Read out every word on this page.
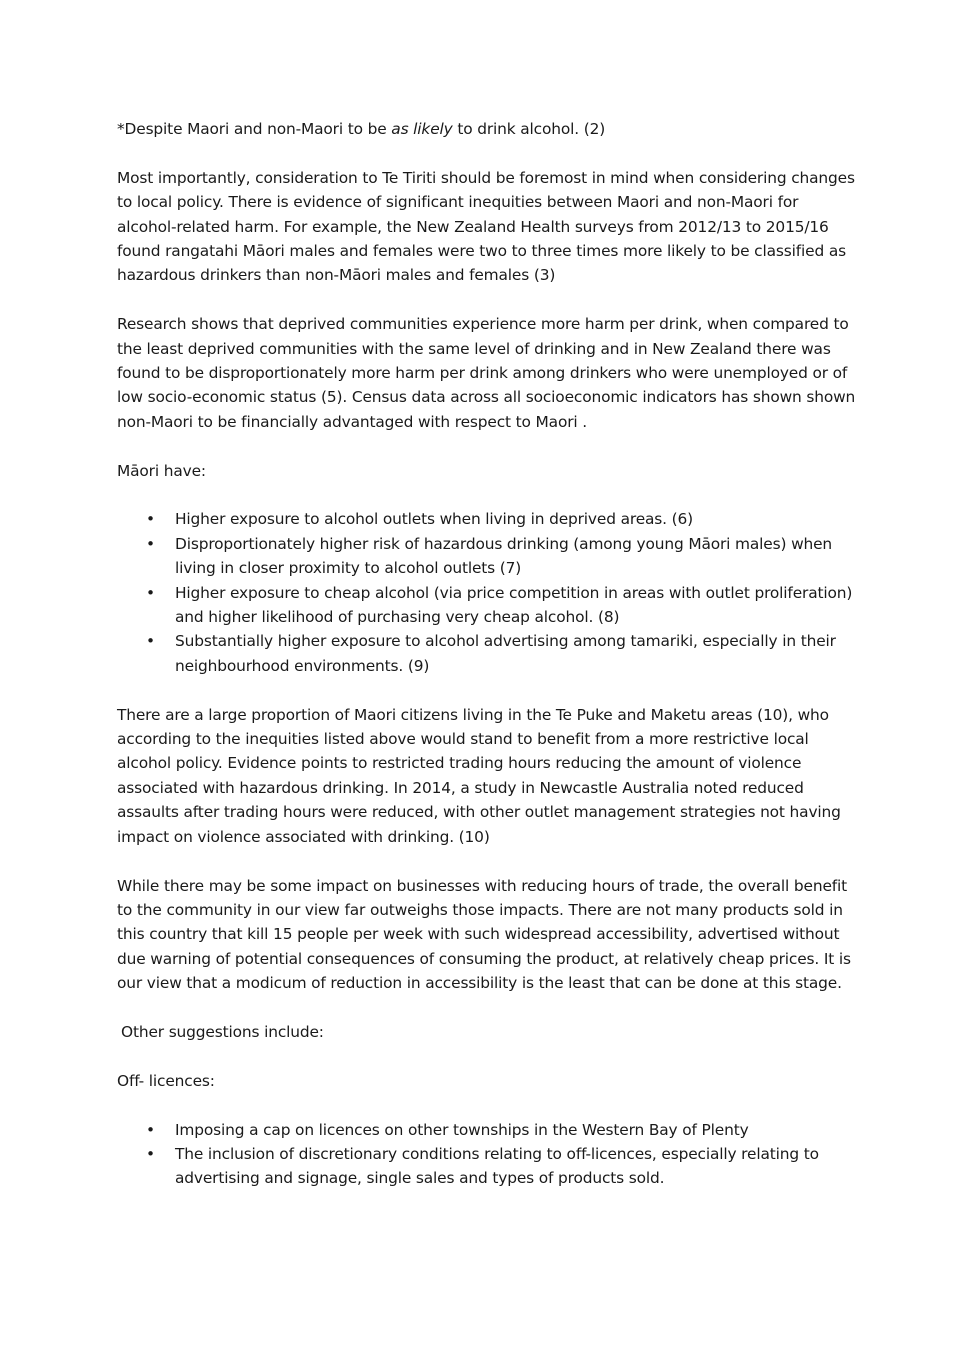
*Despite Maori and non-Maori to be as likely to drink alcohol. (2)

Most importantly, consideration to Te Tiriti should be foremost in mind when considering changes to local policy. There is evidence of significant inequities between Maori and non-Maori for alcohol-related harm. For example, the New Zealand Health surveys from 2012/13 to 2015/16 found rangatahi Māori males and females were two to three times more likely to be classified as hazardous drinkers than non-Māori males and females (3)

Research shows that deprived communities experience more harm per drink, when compared to the least deprived communities with the same level of drinking and in New Zealand there was found to be disproportionately more harm per drink among drinkers who were unemployed or of low socio-economic status (5). Census data across all socioeconomic indicators has shown shown non-Maori to be financially advantaged with respect to Maori .

Māori have:

• Higher exposure to alcohol outlets when living in deprived areas. (6)
• Disproportionately higher risk of hazardous drinking (among young Māori males) when living in closer proximity to alcohol outlets (7)
• Higher exposure to cheap alcohol (via price competition in areas with outlet proliferation) and higher likelihood of purchasing very cheap alcohol. (8)
• Substantially higher exposure to alcohol advertising among tamariki, especially in their neighbourhood environments. (9)

There are a large proportion of Maori citizens living in the Te Puke and Maketu areas (10), who according to the inequities listed above would stand to benefit from a more restrictive local alcohol policy. Evidence points to restricted trading hours reducing the amount of violence associated with hazardous drinking. In 2014, a study in Newcastle Australia noted reduced assaults after trading hours were reduced, with other outlet management strategies not having impact on violence associated with drinking. (10)

While there may be some impact on businesses with reducing hours of trade, the overall benefit to the community in our view far outweighs those impacts. There are not many products sold in this country that kill 15 people per week with such widespread accessibility, advertised without due warning of potential consequences of consuming the product, at relatively cheap prices. It is our view that a modicum of reduction in accessibility is the least that can be done at this stage.

Other suggestions include:

Off- licences:

• Imposing a cap on licences on other townships in the Western Bay of Plenty
• The inclusion of discretionary conditions relating to off-licences, especially relating to advertising and signage, single sales and types of products sold.
